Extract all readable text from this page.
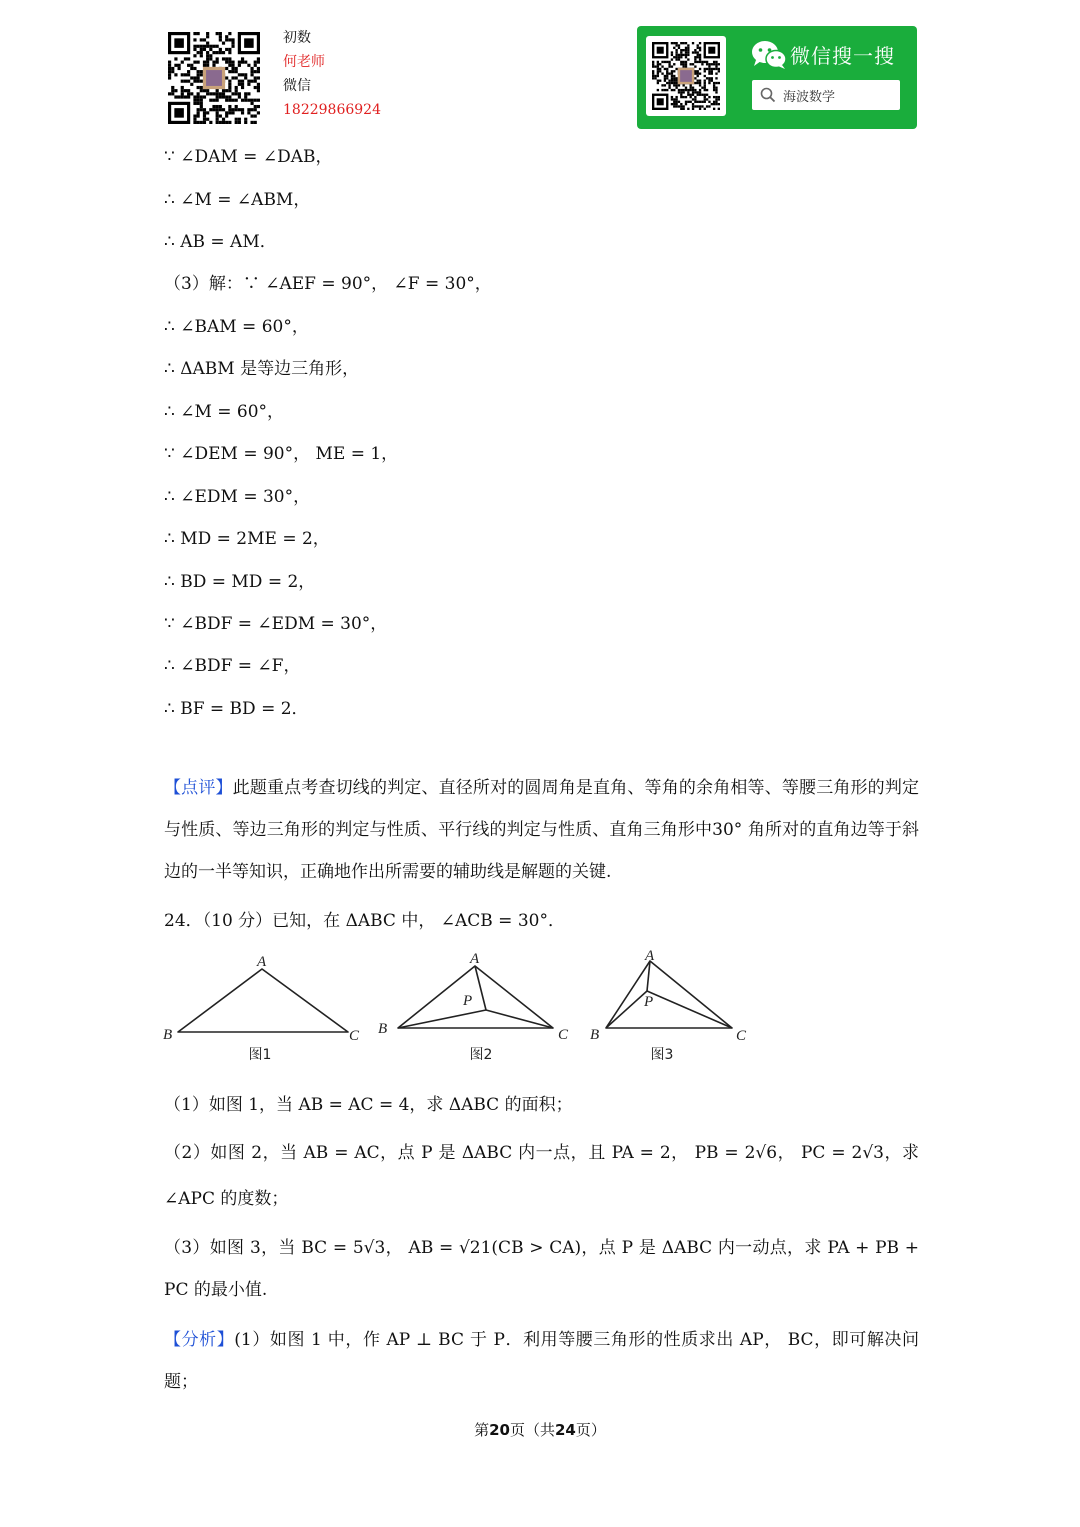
初数
何老师
微信
18229866924
微信搜一搜
海波数学
∵ ∠DAM = ∠DAB，
∴ ∠M = ∠ABM，
∴ AB = AM．
（3）解：∵ ∠AEF = 90°， ∠F = 30°，
∴ ∠BAM = 60°，
∴ ΔABM 是等边三角形，
∴ ∠M = 60°，
∵ ∠DEM = 90°， ME = 1，
∴ ∠EDM = 30°，
∴ MD = 2ME = 2，
∴ BD = MD = 2，
∵ ∠BDF = ∠EDM = 30°，
∴ ∠BDF = ∠F，
∴ BF = BD = 2．
【点评】此题重点考查切线的判定、直径所对的圆周角是直角、等角的余角相等、等腰三角形的判定与性质、等边三角形的判定与性质、平行线的判定与性质、直角三角形中30° 角所对的直角边等于斜边的一半等知识，正确地作出所需要的辅助线是解题的关键.
24．（10 分）已知，在 ΔABC 中， ∠ACB = 30°．
A
B	C
A
B	C
P
A
B	C
P
图1	图2	图3
（1）如图 1，当 AB = AC = 4，求 ΔABC 的面积；
（2）如图 2，当 AB = AC，点 P 是 ΔABC 内一点，且 PA = 2， PB = 2√6， PC = 2√3，求 ∠APC 的度数；
（3）如图 3，当 BC = 5√3， AB = √21(CB > CA)，点 P 是 ΔABC 内一动点，求 PA + PB + PC 的最小值.
【分析】(1）如图 1 中，作 AP ⊥ BC 于 P．利用等腰三角形的性质求出 AP， BC，即可解决问题；
第20页（共24页）
